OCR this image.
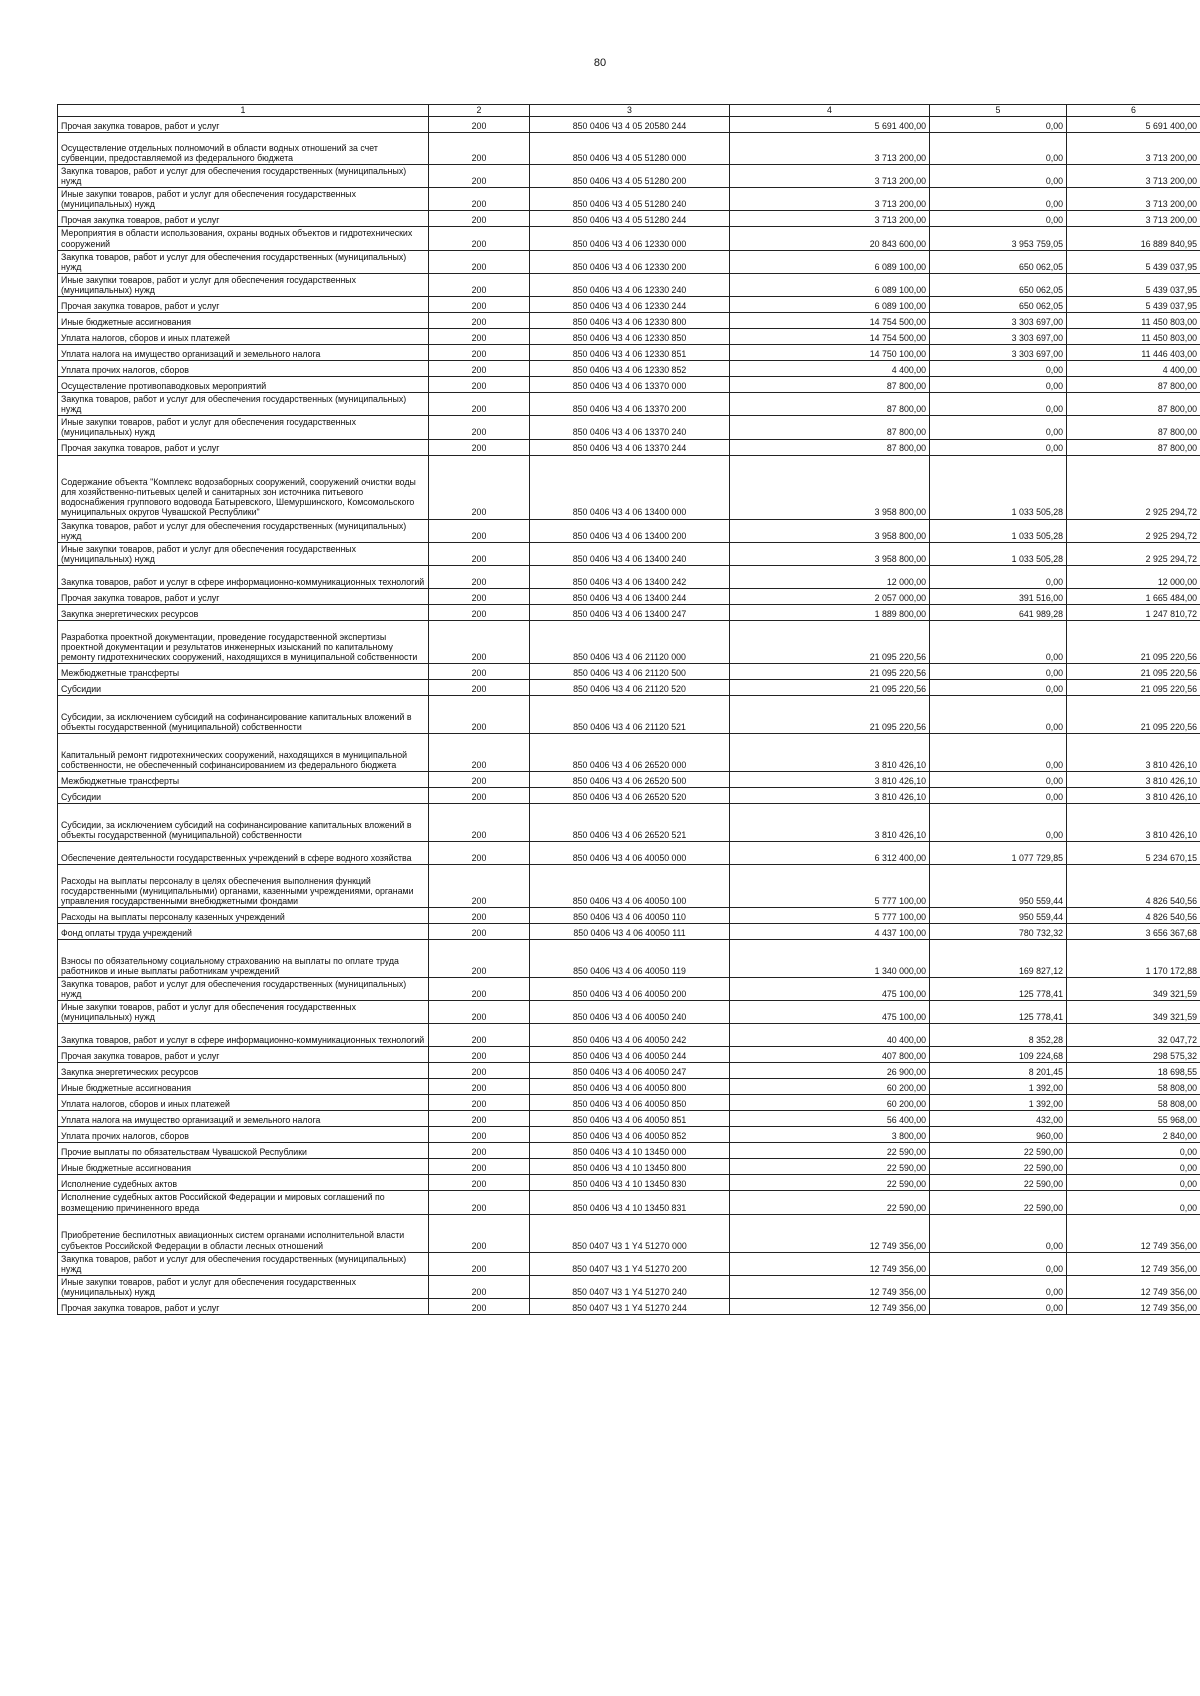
80
1	2	3	4	5	6
Прочая закупка товаров, работ и услуг	200	850 0406 Ч3 4 05 20580 244	5 691 400,00	0,00	5 691 400,00
Осуществление отдельных полномочий в области водных отношений за счет субвенции, предоставляемой из федерального бюджета	200	850 0406 Ч3 4 05 51280 000	3 713 200,00	0,00	3 713 200,00
Закупка товаров, работ и услуг для обеспечения государственных (муниципальных) нужд	200	850 0406 Ч3 4 05 51280 200	3 713 200,00	0,00	3 713 200,00
Иные закупки товаров, работ и услуг для обеспечения государственных (муниципальных) нужд	200	850 0406 Ч3 4 05 51280 240	3 713 200,00	0,00	3 713 200,00
Прочая закупка товаров, работ и услуг	200	850 0406 Ч3 4 05 51280 244	3 713 200,00	0,00	3 713 200,00
Мероприятия в области использования, охраны водных объектов и гидротехнических сооружений	200	850 0406 Ч3 4 06 12330 000	20 843 600,00	3 953 759,05	16 889 840,95
Закупка товаров, работ и услуг для обеспечения государственных (муниципальных) нужд	200	850 0406 Ч3 4 06 12330 200	6 089 100,00	650 062,05	5 439 037,95
Иные закупки товаров, работ и услуг для обеспечения государственных (муниципальных) нужд	200	850 0406 Ч3 4 06 12330 240	6 089 100,00	650 062,05	5 439 037,95
Прочая закупка товаров, работ и услуг	200	850 0406 Ч3 4 06 12330 244	6 089 100,00	650 062,05	5 439 037,95
Иные бюджетные ассигнования	200	850 0406 Ч3 4 06 12330 800	14 754 500,00	3 303 697,00	11 450 803,00
Уплата налогов, сборов и иных платежей	200	850 0406 Ч3 4 06 12330 850	14 754 500,00	3 303 697,00	11 450 803,00
Уплата налога на имущество организаций и земельного налога	200	850 0406 Ч3 4 06 12330 851	14 750 100,00	3 303 697,00	11 446 403,00
Уплата прочих налогов, сборов	200	850 0406 Ч3 4 06 12330 852	4 400,00	0,00	4 400,00
Осуществление противопаводковых мероприятий	200	850 0406 Ч3 4 06 13370 000	87 800,00	0,00	87 800,00
Закупка товаров, работ и услуг для обеспечения государственных (муниципальных) нужд	200	850 0406 Ч3 4 06 13370 200	87 800,00	0,00	87 800,00
Иные закупки товаров, работ и услуг для обеспечения государственных (муниципальных) нужд	200	850 0406 Ч3 4 06 13370 240	87 800,00	0,00	87 800,00
Прочая закупка товаров, работ и услуг	200	850 0406 Ч3 4 06 13370 244	87 800,00	0,00	87 800,00
Содержание объекта "Комплекс водозаборных сооружений, сооружений очистки воды для хозяйственно-питьевых целей и санитарных зон источника питьевого водоснабжения группового водовода Батыревского, Шемуршинского, Комсомольского муниципальных округов Чувашской Республики"	200	850 0406 Ч3 4 06 13400 000	3 958 800,00	1 033 505,28	2 925 294,72
Закупка товаров, работ и услуг для обеспечения государственных (муниципальных) нужд	200	850 0406 Ч3 4 06 13400 200	3 958 800,00	1 033 505,28	2 925 294,72
Иные закупки товаров, работ и услуг для обеспечения государственных (муниципальных) нужд	200	850 0406 Ч3 4 06 13400 240	3 958 800,00	1 033 505,28	2 925 294,72
Закупка товаров, работ и услуг в сфере информационно-коммуникационных технологий	200	850 0406 Ч3 4 06 13400 242	12 000,00	0,00	12 000,00
Прочая закупка товаров, работ и услуг	200	850 0406 Ч3 4 06 13400 244	2 057 000,00	391 516,00	1 665 484,00
Закупка энергетических ресурсов	200	850 0406 Ч3 4 06 13400 247	1 889 800,00	641 989,28	1 247 810,72
Разработка проектной документации, проведение государственной экспертизы проектной документации и результатов инженерных изысканий по капитальному ремонту гидротехнических сооружений, находящихся в муниципальной собственности	200	850 0406 Ч3 4 06 21120 000	21 095 220,56	0,00	21 095 220,56
Межбюджетные трансферты	200	850 0406 Ч3 4 06 21120 500	21 095 220,56	0,00	21 095 220,56
Субсидии	200	850 0406 Ч3 4 06 21120 520	21 095 220,56	0,00	21 095 220,56
Субсидии, за исключением субсидий на софинансирование капитальных вложений в объекты государственной (муниципальной) собственности	200	850 0406 Ч3 4 06 21120 521	21 095 220,56	0,00	21 095 220,56
Капитальный ремонт гидротехнических сооружений, находящихся в муниципальной собственности, не обеспеченный софинансированием из федерального бюджета	200	850 0406 Ч3 4 06 26520 000	3 810 426,10	0,00	3 810 426,10
Межбюджетные трансферты	200	850 0406 Ч3 4 06 26520 500	3 810 426,10	0,00	3 810 426,10
Субсидии	200	850 0406 Ч3 4 06 26520 520	3 810 426,10	0,00	3 810 426,10
Субсидии, за исключением субсидий на софинансирование капитальных вложений в объекты государственной (муниципальной) собственности	200	850 0406 Ч3 4 06 26520 521	3 810 426,10	0,00	3 810 426,10
Обеспечение деятельности государственных учреждений в сфере водного хозяйства	200	850 0406 Ч3 4 06 40050 000	6 312 400,00	1 077 729,85	5 234 670,15
Расходы на выплаты персоналу в целях обеспечения выполнения функций государственными (муниципальными) органами, казенными учреждениями, органами управления государственными внебюджетными фондами	200	850 0406 Ч3 4 06 40050 100	5 777 100,00	950 559,44	4 826 540,56
Расходы на выплаты персоналу казенных учреждений	200	850 0406 Ч3 4 06 40050 110	5 777 100,00	950 559,44	4 826 540,56
Фонд оплаты труда учреждений	200	850 0406 Ч3 4 06 40050 111	4 437 100,00	780 732,32	3 656 367,68
Взносы по обязательному социальному страхованию на выплаты по оплате труда работников и иные выплаты работникам учреждений	200	850 0406 Ч3 4 06 40050 119	1 340 000,00	169 827,12	1 170 172,88
Закупка товаров, работ и услуг для обеспечения государственных (муниципальных) нужд	200	850 0406 Ч3 4 06 40050 200	475 100,00	125 778,41	349 321,59
Иные закупки товаров, работ и услуг для обеспечения государственных (муниципальных) нужд	200	850 0406 Ч3 4 06 40050 240	475 100,00	125 778,41	349 321,59
Закупка товаров, работ и услуг в сфере информационно-коммуникационных технологий	200	850 0406 Ч3 4 06 40050 242	40 400,00	8 352,28	32 047,72
Прочая закупка товаров, работ и услуг	200	850 0406 Ч3 4 06 40050 244	407 800,00	109 224,68	298 575,32
Закупка энергетических ресурсов	200	850 0406 Ч3 4 06 40050 247	26 900,00	8 201,45	18 698,55
Иные бюджетные ассигнования	200	850 0406 Ч3 4 06 40050 800	60 200,00	1 392,00	58 808,00
Уплата налогов, сборов и иных платежей	200	850 0406 Ч3 4 06 40050 850	60 200,00	1 392,00	58 808,00
Уплата налога на имущество организаций и земельного налога	200	850 0406 Ч3 4 06 40050 851	56 400,00	432,00	55 968,00
Уплата прочих налогов, сборов	200	850 0406 Ч3 4 06 40050 852	3 800,00	960,00	2 840,00
Прочие выплаты по обязательствам Чувашской Республики	200	850 0406 Ч3 4 10 13450 000	22 590,00	22 590,00	0,00
Иные бюджетные ассигнования	200	850 0406 Ч3 4 10 13450 800	22 590,00	22 590,00	0,00
Исполнение судебных актов	200	850 0406 Ч3 4 10 13450 830	22 590,00	22 590,00	0,00
Исполнение судебных актов Российской Федерации и мировых соглашений по возмещению причиненного вреда	200	850 0406 Ч3 4 10 13450 831	22 590,00	22 590,00	0,00
Приобретение беспилотных авиационных систем органами исполнительной власти субъектов Российской Федерации в области лесных отношений	200	850 0407 Ч3 1 Y4 51270 000	12 749 356,00	0,00	12 749 356,00
Закупка товаров, работ и услуг для обеспечения государственных (муниципальных) нужд	200	850 0407 Ч3 1 Y4 51270 200	12 749 356,00	0,00	12 749 356,00
Иные закупки товаров, работ и услуг для обеспечения государственных (муниципальных) нужд	200	850 0407 Ч3 1 Y4 51270 240	12 749 356,00	0,00	12 749 356,00
Прочая закупка товаров, работ и услуг	200	850 0407 Ч3 1 Y4 51270 244	12 749 356,00	0,00	12 749 356,00
